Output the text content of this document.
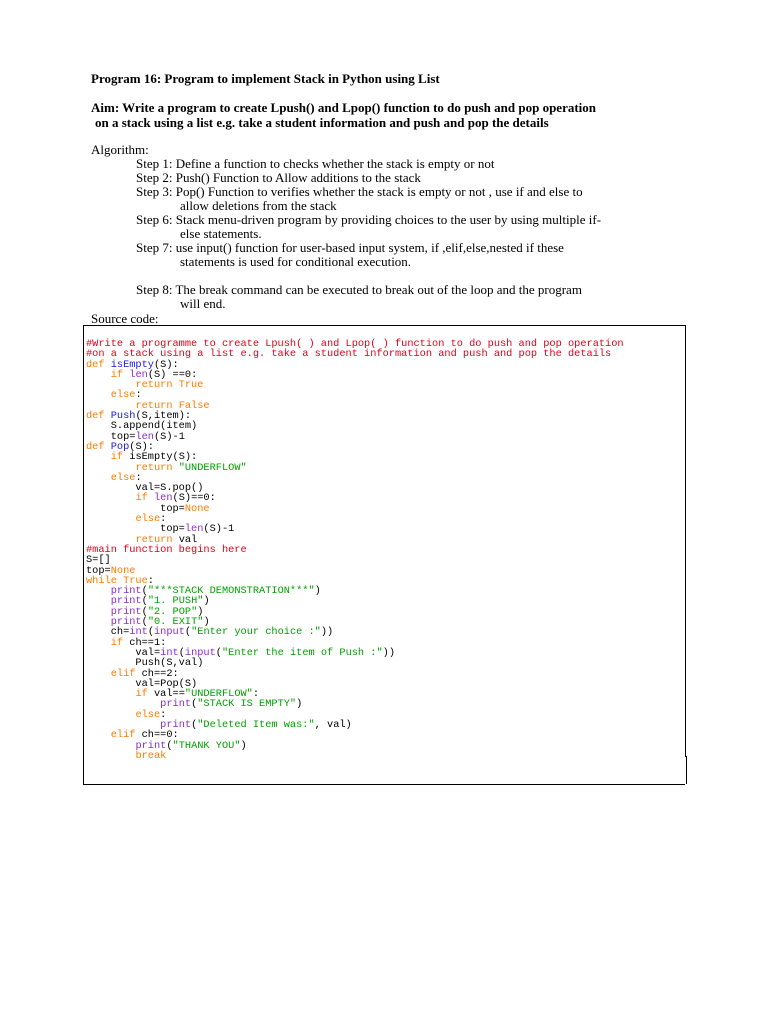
Program 16: Program to implement Stack in Python using List
Aim: Write a program to create Lpush() and Lpop() function to do push and pop operation
on a stack using a list e.g. take a student information and push and pop the details
Algorithm:
Step 1: Define a function to checks whether the stack is empty or not
Step 2: Push() Function to Allow additions to the stack
Step 3: Pop() Function to verifies whether the stack is empty or not , use if and else to
allow deletions from the stack
Step 6: Stack menu-driven program by providing choices to the user by using multiple if-
else statements.
Step 7: use input() function for user-based input system, if ,elif,else,nested if these
statements is used for conditional execution.
Step 8: The break command can be executed to break out of the loop and the program
will end.
Source code:
#Write a programme to create Lpush( ) and Lpop( ) function to do push and pop operation
#on a stack using a list e.g. take a student information and push and pop the details
def isEmpty(S):
if len(S) ==0:
return True
else:
return False
def Push(S,item):
S.append(item)
top=len(S)-1
def Pop(S):
if isEmpty(S):
return "UNDERFLOW"
else:
val=S.pop()
if len(S)==0:
top=None
else:
top=len(S)-1
return val
#main function begins here
S=[]
top=None
while True:
print("***STACK DEMONSTRATION***")
print("1. PUSH")
print("2. POP")
print("0. EXIT")
ch=int(input("Enter your choice :"))
if ch==1:
val=int(input("Enter the item of Push :"))
Push(S,val)
elif ch==2:
val=Pop(S)
if val=="UNDERFLOW":
print("STACK IS EMPTY")
else:
print("Deleted Item was:", val)
elif ch==0:
print("THANK YOU")
break
